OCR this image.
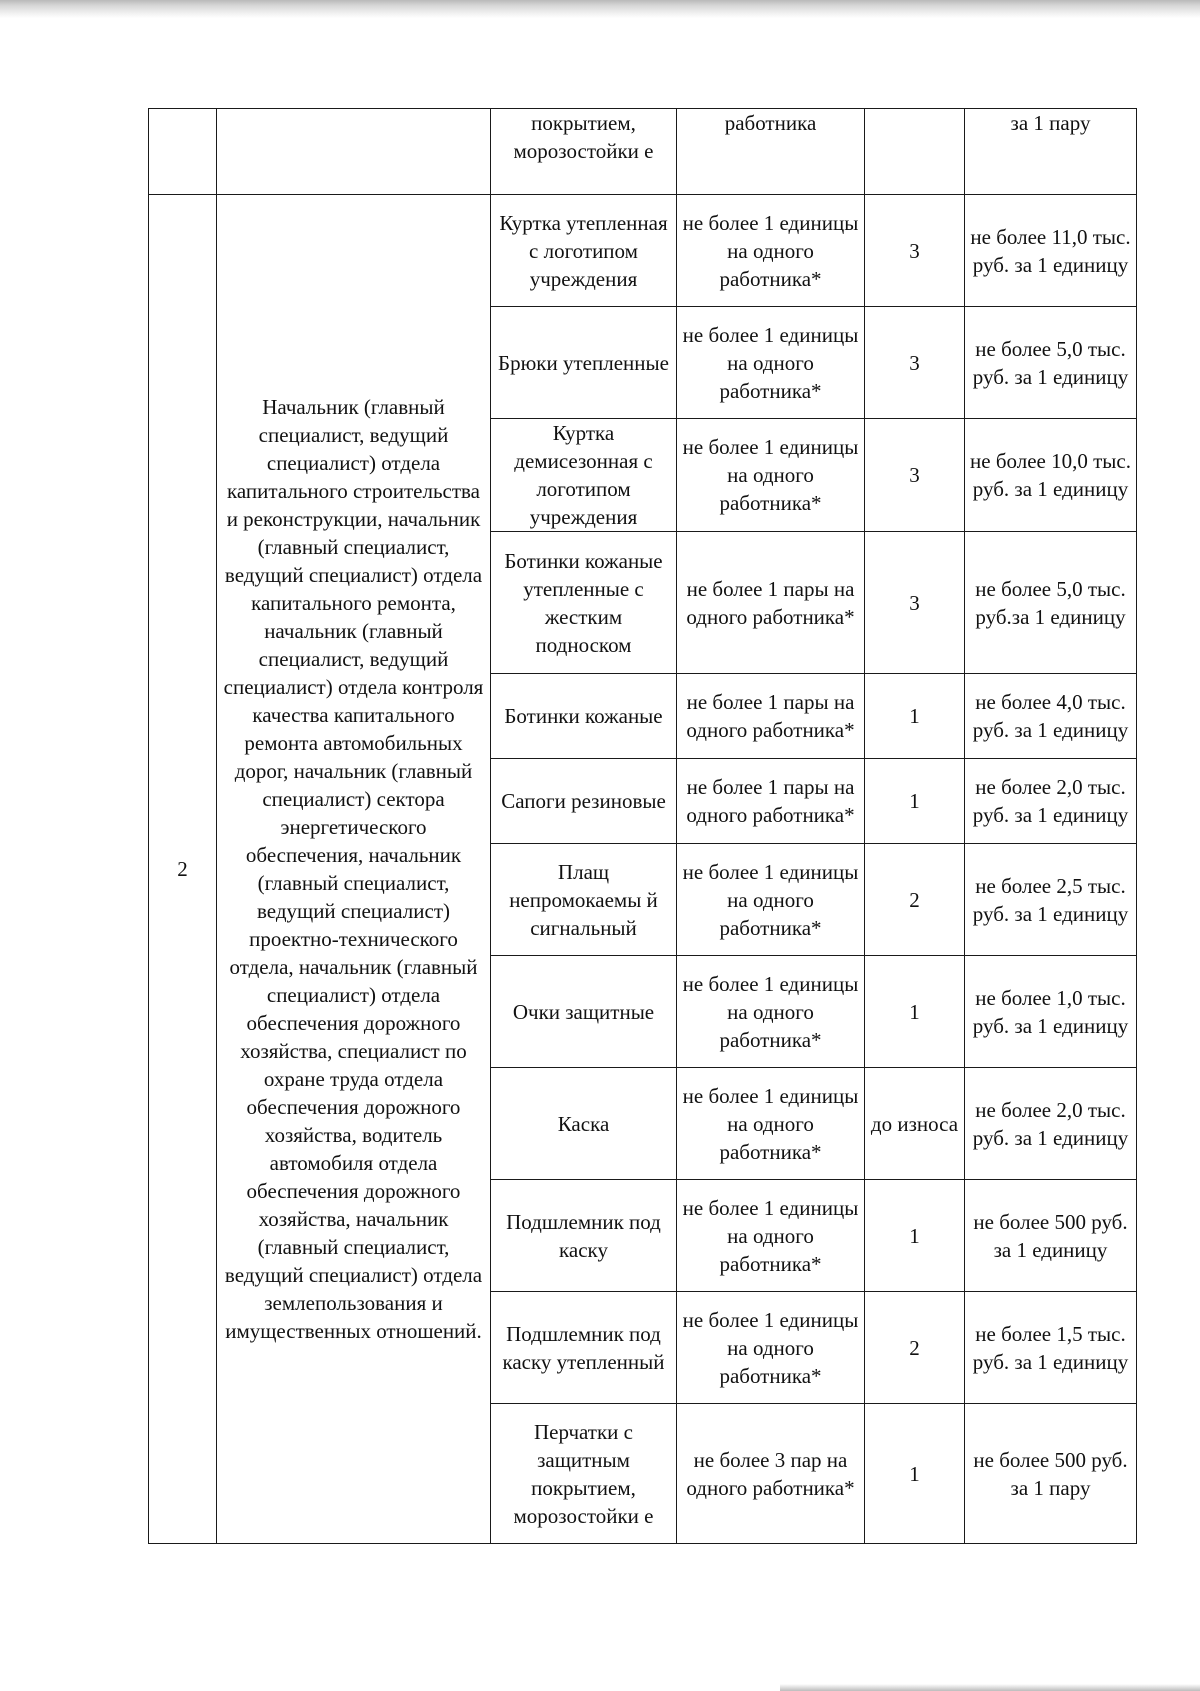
		покрытием, морозостойки е	работника		за 1 пару
2	Начальник (главный специалист, ведущий специалист) отдела капитального строительства и реконструкции, начальник (главный специалист, ведущий специалист) отдела капитального ремонта, начальник (главный специалист, ведущий специалист) отдела контроля качества капитального ремонта автомобильных дорог, начальник (главный специалист) сектора энергетического обеспечения, начальник (главный специалист, ведущий специалист) проектно-технического отдела, начальник (главный специалист) отдела обеспечения дорожного хозяйства, специалист по охране труда отдела обеспечения дорожного хозяйства, водитель автомобиля отдела обеспечения дорожного хозяйства, начальник (главный специалист, ведущий специалист) отдела землепользования и имущественных отношений.	Куртка утепленная с логотипом учреждения	не более 1 единицы на одного работника*	3	не более 11,0 тыс. руб. за 1 единицу
		Брюки утепленные	не более 1 единицы на одного работника*	3	не более 5,0 тыс. руб. за 1 единицу
		Куртка демисезонная с логотипом учреждения	не более 1 единицы на одного работника*	3	не более 10,0 тыс. руб. за 1 единицу
		Ботинки кожаные утепленные с жестким подноском	не более 1 пары на одного работника*	3	не более 5,0 тыс. руб.за 1 единицу
		Ботинки кожаные	не более 1 пары на одного работника*	1	не более 4,0 тыс. руб. за 1 единицу
		Сапоги резиновые	не более 1 пары на одного работника*	1	не более 2,0 тыс. руб. за 1 единицу
		Плащ непромокаемы й сигнальный	не более 1 единицы на одного работника*	2	не более 2,5 тыс. руб. за 1 единицу
		Очки защитные	не более 1 единицы на одного работника*	1	не более 1,0 тыс. руб. за 1 единицу
		Каска	не более 1 единицы на одного работника*	до износа	не более 2,0 тыс. руб. за 1 единицу
		Подшлемник под каску	не более 1 единицы на одного работника*	1	не более 500 руб. за 1 единицу
		Подшлемник под каску утепленный	не более 1 единицы на одного работника*	2	не более 1,5 тыс. руб. за 1 единицу
		Перчатки с защитным покрытием, морозостойки е	не более 3 пар на одного работника*	1	не более 500 руб. за 1 пару
